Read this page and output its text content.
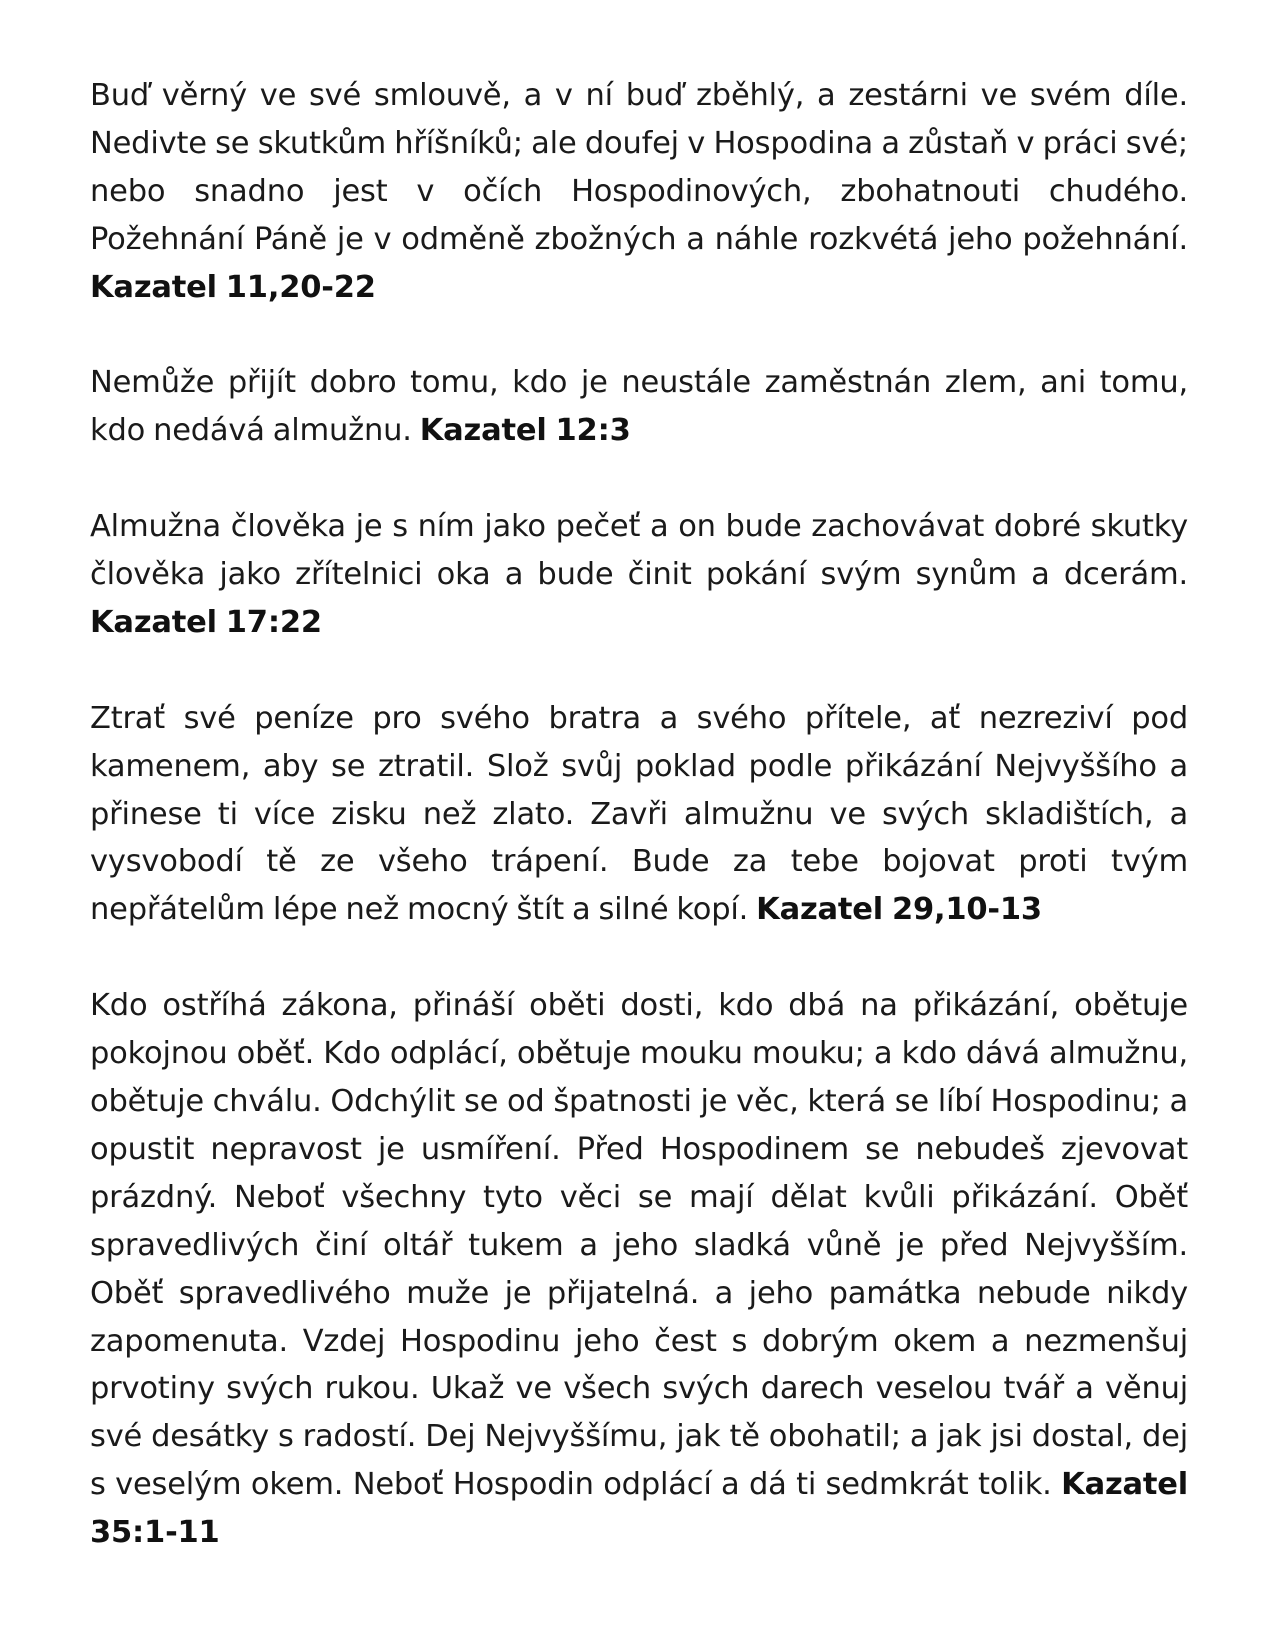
Buď věrný ve své smlouvě, a v ní buď zběhlý, a zestárni ve svém díle. Nedivte se skutkům hříšníků; ale doufej v Hospodina a zůstaň v práci své; nebo snadno jest v očích Hospodinových, zbohatnouti chudého. Požehnání Páně je v odměně zbožných a náhle rozkvétá jeho požehnání. Kazatel 11,20-22

Nemůže přijít dobro tomu, kdo je neustále zaměstnán zlem, ani tomu, kdo nedává almužnu. Kazatel 12:3

Almužna člověka je s ním jako pečeť a on bude zachovávat dobré skutky člověka jako zřítelnici oka a bude činit pokání svým synům a dcerám. Kazatel 17:22

Ztrať své peníze pro svého bratra a svého přítele, ať nezreziví pod kamenem, aby se ztratil. Slož svůj poklad podle přikázání Nejvyššího a přinese ti více zisku než zlato. Zavři almužnu ve svých skladištích, a vysvobodí tě ze všeho trápení. Bude za tebe bojovat proti tvým nepřátelům lépe než mocný štít a silné kopí. Kazatel 29,10-13

Kdo ostříhá zákona, přináší oběti dosti, kdo dbá na přikázání, obětuje pokojnou oběť. Kdo odplácí, obětuje mouku mouku; a kdo dává almužnu, obětuje chválu. Odchýlit se od špatnosti je věc, která se líbí Hospodinu; a opustit nepravost je usmíření. Před Hospodinem se nebudeš zjevovat prázdný. Neboť všechny tyto věci se mají dělat kvůli přikázání. Oběť spravedlivých činí oltář tukem a jeho sladká vůně je před Nejvyšším. Oběť spravedlivého muže je přijatelná. a jeho památka nebude nikdy zapomenuta. Vzdej Hospodinu jeho čest s dobrým okem a nezmenšuj prvotiny svých rukou. Ukaž ve všech svých darech veselou tvář a věnuj své desátky s radostí. Dej Nejvyššímu, jak tě obohatil; a jak jsi dostal, dej s veselým okem. Neboť Hospodin odplácí a dá ti sedmkrát tolik. Kazatel 35:1-11
